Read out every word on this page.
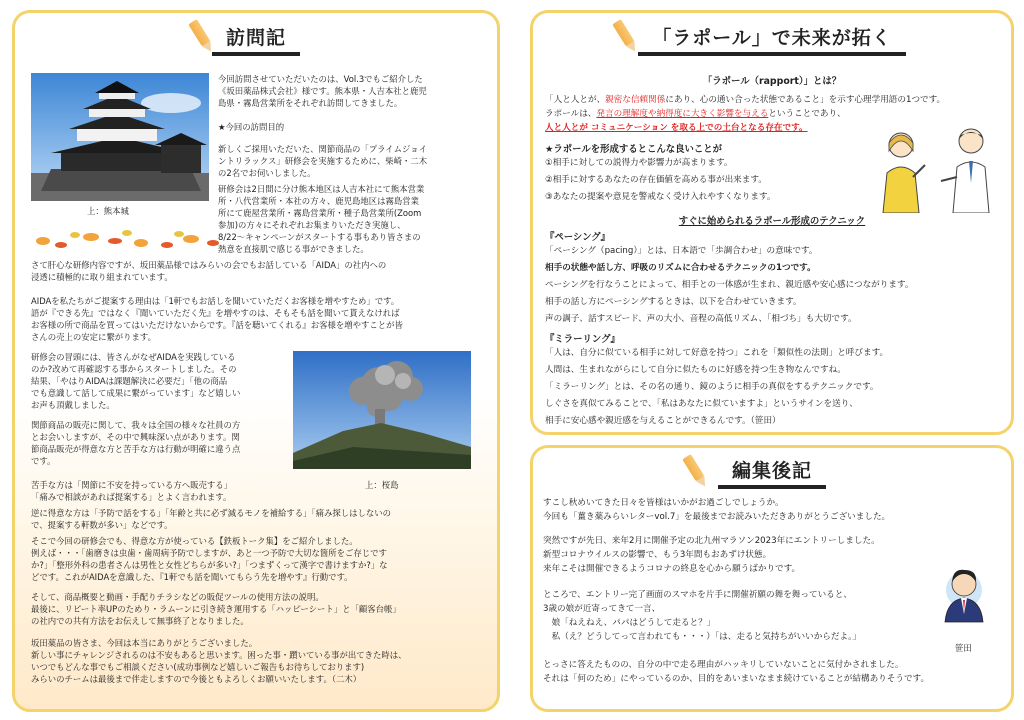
訪問記
上：熊本城

今回訪問させていただいたのは、Vol.3でもご紹介した
《坂田薬品株式会社》様です。熊本県・人吉本社と鹿児
島県・霧島営業所をそれぞれ訪問してきました。

★今回の訪問目的

新しくご採用いただいた、関節商品の「プライムジョイ
ントリラックス」研修会を実施するために、柴崎・二木
の2名でお伺いしました。

研修会は2日間に分け熊本地区は人吉本社にて熊本営業
所・八代営業所・本社の方々、鹿児島地区は霧島営業
所にて鹿屋営業所・霧島営業所・種子島営業所(Zoom
参加)の方々にそれぞれお集まりいただき実施し、
8/22～キャンペーンがスタートする事もあり皆さまの
熱意を直接肌で感じる事ができました。

さて肝心な研修内容ですが、坂田薬品様ではみらいの会でもお話している「AIDA」の社内への
浸透に積極的に取り組まれています。

AIDAを私たちがご提案する理由は「1軒でもお話しを聞いていただくお客様を増やすため」です。
語が『できる先』ではなく『聞いていただく先』を増やすのは、そもそも話を聞いて貰えなければ
お客様の所で商品を買ってはいただけないからです。『話を聴いてくれる』お客様を増やすことが皆
さんの売上の安定に繋がります。

研修会の冒頭には、皆さんがなぜAIDAを実践している
のか?改めて再確認する事からスタートしました。その
結果、「やはりAIDAは課題解決に必要だ」「他の商品
でも意識して話して成果に繋がっています」など嬉しい
お声も頂戴しました。

関節商品の販売に関して、我々は全国の様々な社員の方
とお会いしますが、その中で興味深い点があります。関
節商品販売が得意な方と苦手な方は行動が明確に違う点
です。

上：桜島

苦手な方は「関節に不安を持っている方へ販売する」
「痛みで相談があれば提案する」とよく言われます。

逆に得意な方は「予防で話をする」「年齢と共に必ず減るモノを補給する」「痛み探しはしないの
で、提案する軒数が多い」などです。

そこで今回の研修会でも、得意な方が使っている【鉄板トーク集】をご紹介しました。
例えば・・・「歯磨きは虫歯・歯周病予防でしますが、あと一つ予防で大切な箇所をご存じです
か?」「整形外科の患者さんは男性と女性どちらが多い?」「つまずくって漢字で書けますか?」な
どです。これがAIDAを意識した、『1軒でも話を聞いてもらう先を増やす』行動です。

そして、商品概要と動画・手配りチラシなどの販促ツールの使用方法の説明。
最後に、リピート率UPのためり・ラムーンに引き続き運用する「ハッピーシート」と「顧客台帳」
の社内での共有方法をお伝えして無事終了となりました。

坂田薬品の皆さま、今回は本当にありがとうございました。
新しい事にチャレンジされるのは不安もあると思います。困った事・躓いている事が出てきた時は、
いつでもどんな事でもご相談ください(成功事例など嬉しいご報告もお待ちしております)
みらいのチームは最後まで伴走しますので今後ともよろしくお願いいたします。（二木）

「ラポール」で未来が拓く
「ラポール（rapport）」とは？

「人と人とが、親密な信頼関係にあり、心の通い合った状態であること」を示す心理学用語の1つです。

ラポールは、発言の理解度や納得度に大きく影響を与えるということであり、

人と人とが コミュニケーション を取る上での土台となる存在です。

★ラポールを形成するとこんな良いことが

①相手に対しての説得力や影響力が高まります。

②相手に対するあなたの存在価値を高める事が出来ます。

③あなたの提案や意見を警戒なく受け入れやすくなります。

すぐに始められるラポール形成のテクニック
『ペーシング』

「ペーシング（pacing）」とは、日本語で「歩調合わせ」の意味です。

相手の状態や話し方、呼吸のリズムに合わせるテクニックの1つです。

ペーシングを行なうことによって、相手との一体感が生まれ、親近感や安心感につながります。

相手の話し方にペーシングするときは、以下を合わせていきます。

声の調子、話すスピード、声の大小、音程の高低リズム、「相づち」も大切です。

『ミラーリング』

「人は、自分に似ている相手に対して好意を持つ」これを「類似性の法則」と呼びます。

人間は、生まれながらにして自分に似たものに好感を持つ生き物なんですね。

「ミラーリング」とは、その名の通り、鏡のように相手の真似をするテクニックです。

しぐさを真似てみることで、「私はあなたに似ていますよ」というサインを送り、

相手に安心感や親近感を与えることができるんです。（笹田）

編集後記

すこし秋めいてきた日々を皆様はいかがお過ごしでしょうか。

今回も「薑き薬みらいレターvol.7」を最後までお読みいただきありがとうございました。

突然ですが先日、来年2月に開催予定の北九州マラソン2023年にエントリーしました。

新型コロナウイルスの影響で、もう3年間もおあずけ状態。

来年こそは開催できるようコロナの終息を心から願うばかりです。

ところで、エントリー完了画面のスマホを片手に開催祈願の舞を舞っていると、

3歳の娘が近寄ってきて一言、

　娘「ねえねえ、パパはどうして走ると？」

　私（え？どうしてって言われても・・・）「は、走ると気持ちがいいからだよ。」

とっさに答えたものの、自分の中で走る理由がハッキリしていないことに気付かされました。

それは「何のため」にやっているのか、目的をあいまいなまま続けていることが結構ありそうです。

笹田
